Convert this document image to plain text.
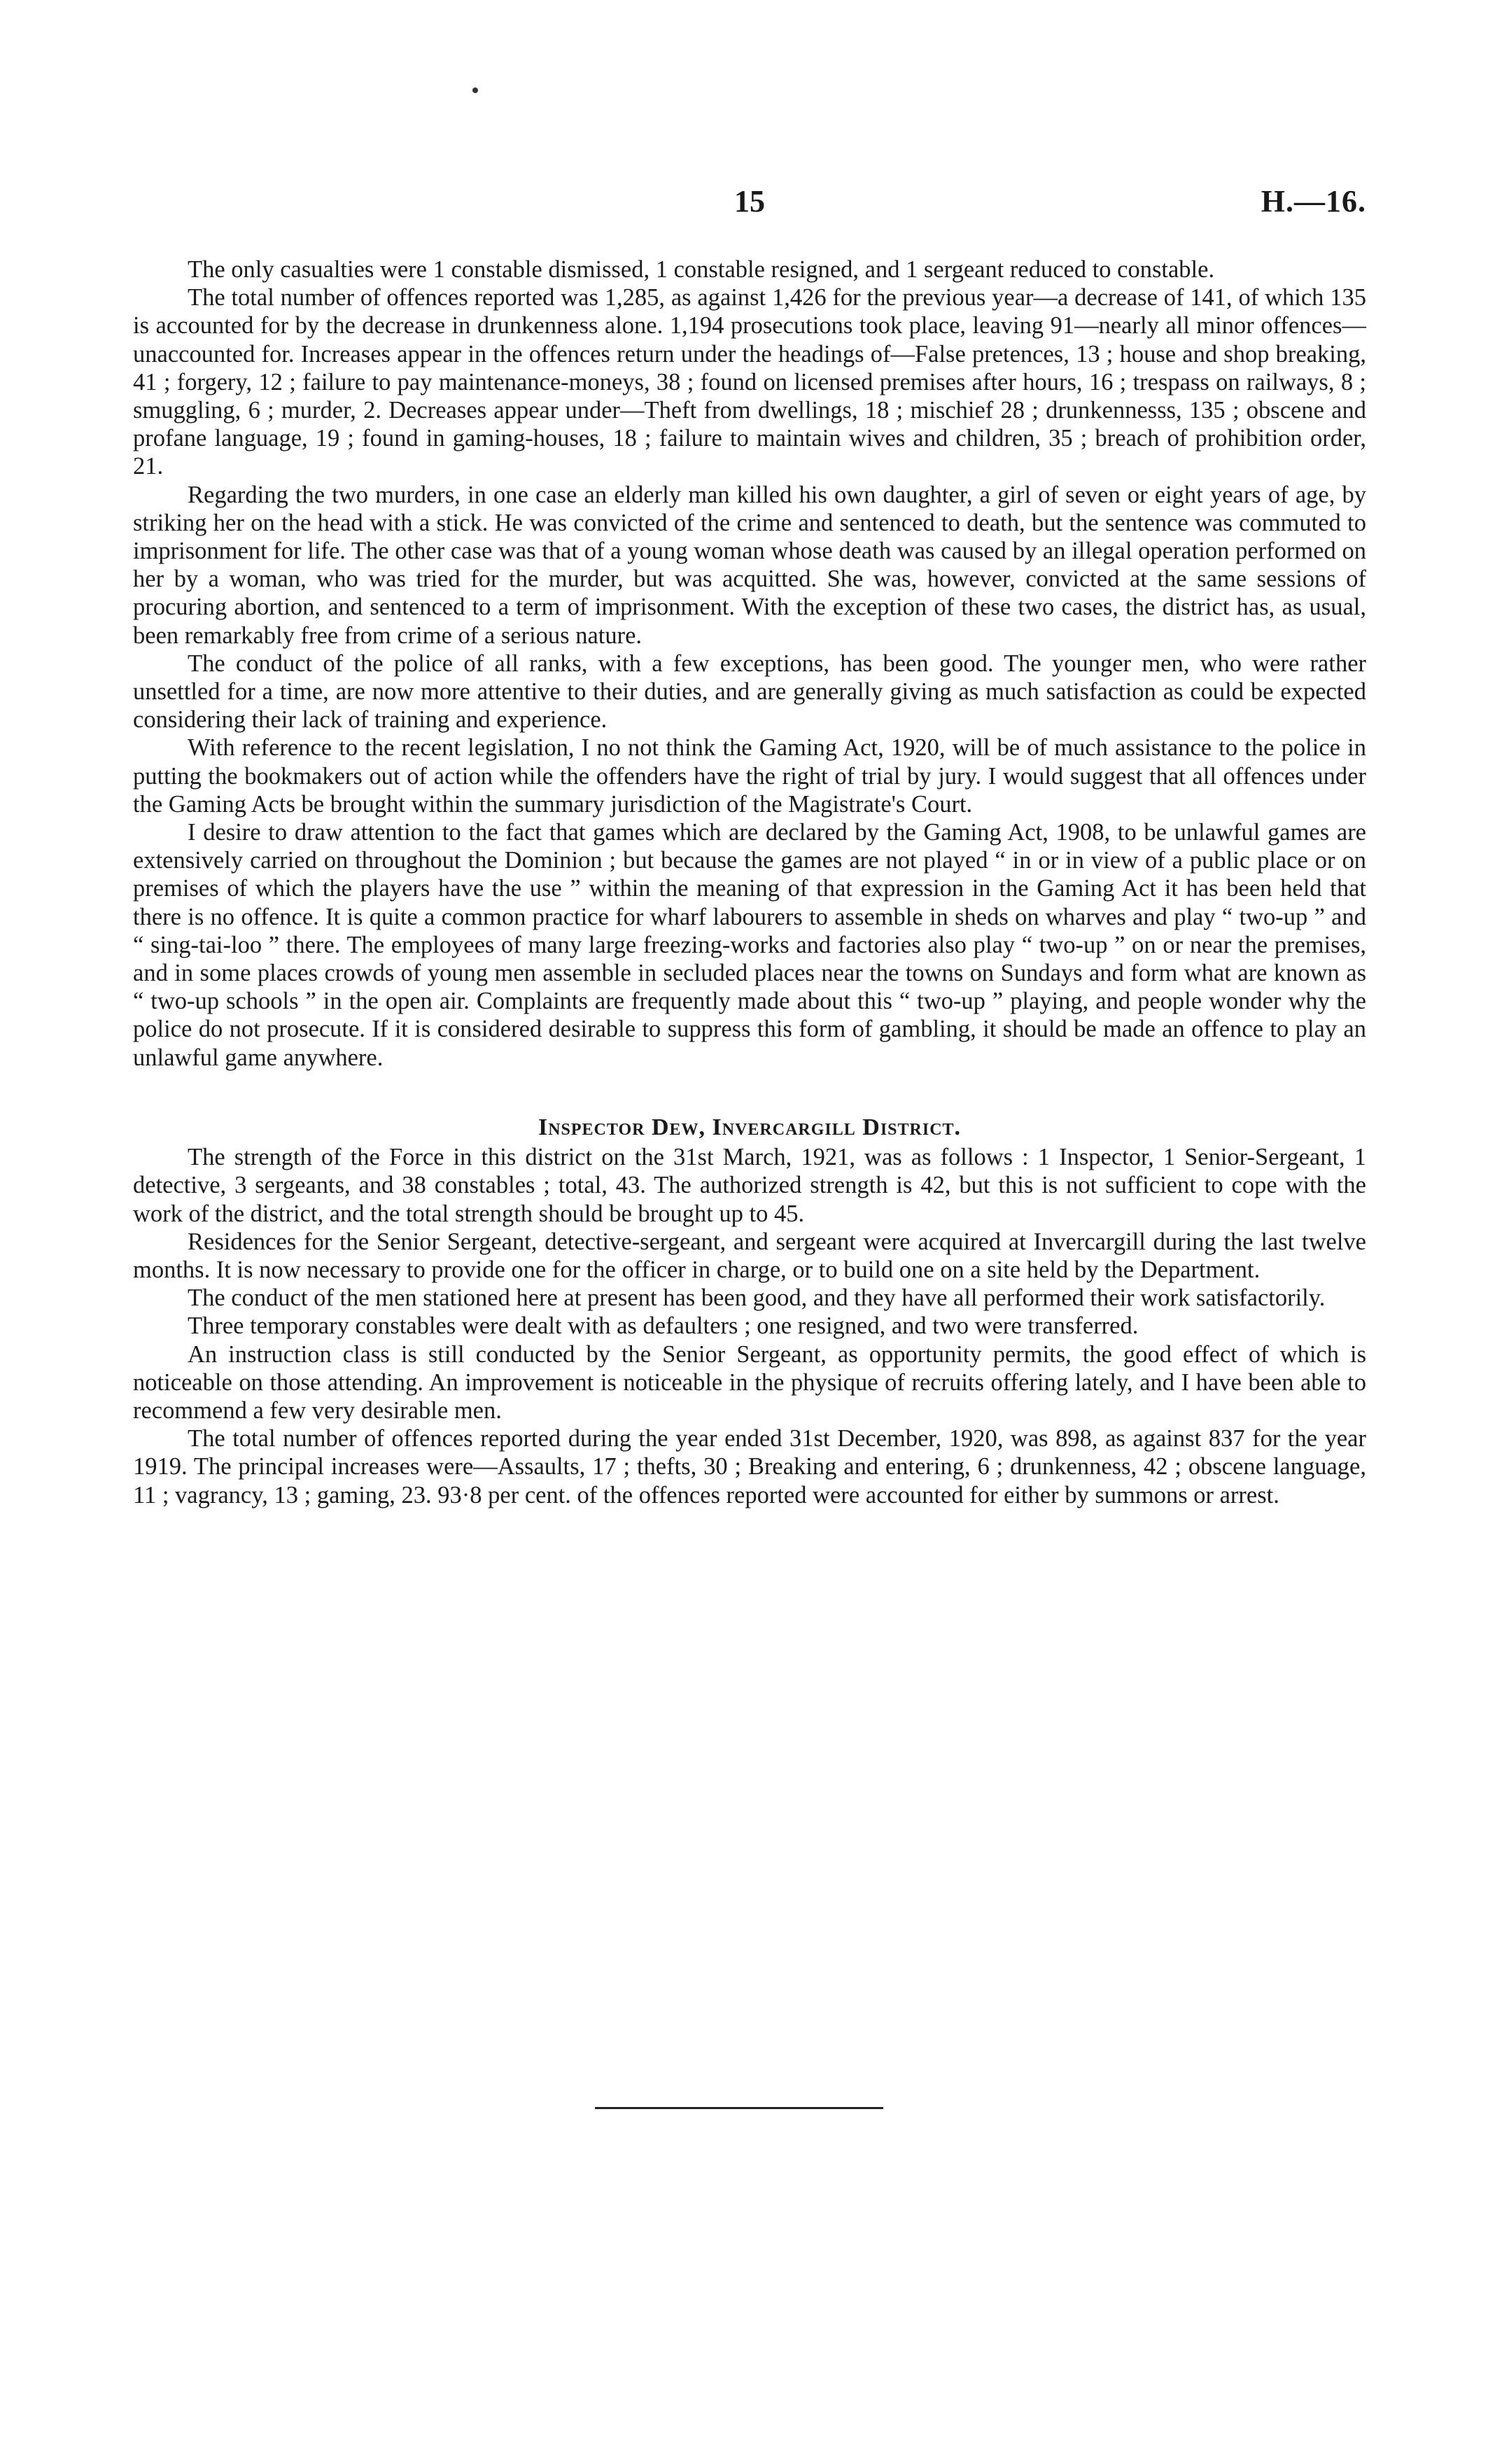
15	H.—16.

The only casualties were 1 constable dismissed, 1 constable resigned, and 1 sergeant reduced to constable.

The total number of offences reported was 1,285, as against 1,426 for the previous year—a decrease of 141, of which 135 is accounted for by the decrease in drunkenness alone. 1,194 prosecutions took place, leaving 91—nearly all minor offences—unaccounted for. Increases appear in the offences return under the headings of—False pretences, 13 ; house and shop breaking, 41 ; forgery, 12 ; failure to pay maintenance-moneys, 38 ; found on licensed premises after hours, 16 ; trespass on railways, 8 ; smuggling, 6 ; murder, 2. Decreases appear under—Theft from dwellings, 18 ; mischief 28 ; drunkennesss, 135 ; obscene and profane language, 19 ; found in gaming-houses, 18 ; failure to maintain wives and children, 35 ; breach of prohibition order, 21.

Regarding the two murders, in one case an elderly man killed his own daughter, a girl of seven or eight years of age, by striking her on the head with a stick. He was convicted of the crime and sentenced to death, but the sentence was commuted to imprisonment for life. The other case was that of a young woman whose death was caused by an illegal operation performed on her by a woman, who was tried for the murder, but was acquitted. She was, however, convicted at the same sessions of procuring abortion, and sentenced to a term of imprisonment. With the exception of these two cases, the district has, as usual, been remarkably free from crime of a serious nature.

The conduct of the police of all ranks, with a few exceptions, has been good. The younger men, who were rather unsettled for a time, are now more attentive to their duties, and are generally giving as much satisfaction as could be expected considering their lack of training and experience.

With reference to the recent legislation, I no not think the Gaming Act, 1920, will be of much assistance to the police in putting the bookmakers out of action while the offenders have the right of trial by jury. I would suggest that all offences under the Gaming Acts be brought within the summary jurisdiction of the Magistrate's Court.

I desire to draw attention to the fact that games which are declared by the Gaming Act, 1908, to be unlawful games are extensively carried on throughout the Dominion ; but because the games are not played “ in or in view of a public place or on premises of which the players have the use ” within the meaning of that expression in the Gaming Act it has been held that there is no offence. It is quite a common practice for wharf labourers to assemble in sheds on wharves and play “ two-up ” and “ sing-tai-loo ” there. The employees of many large freezing-works and factories also play “ two-up ” on or near the premises, and in some places crowds of young men assemble in secluded places near the towns on Sundays and form what are known as “ two-up schools ” in the open air. Complaints are frequently made about this “ two-up ” playing, and people wonder why the police do not prosecute. If it is considered desirable to suppress this form of gambling, it should be made an offence to play an unlawful game anywhere.

Inspector Dew, Invercargill District.

The strength of the Force in this district on the 31st March, 1921, was as follows : 1 Inspector, 1 Senior-Sergeant, 1 detective, 3 sergeants, and 38 constables ; total, 43. The authorized strength is 42, but this is not sufficient to cope with the work of the district, and the total strength should be brought up to 45.

Residences for the Senior Sergeant, detective-sergeant, and sergeant were acquired at Invercargill during the last twelve months. It is now necessary to provide one for the officer in charge, or to build one on a site held by the Department.

The conduct of the men stationed here at present has been good, and they have all performed their work satisfactorily.

Three temporary constables were dealt with as defaulters ; one resigned, and two were transferred.

An instruction class is still conducted by the Senior Sergeant, as opportunity permits, the good effect of which is noticeable on those attending. An improvement is noticeable in the physique of recruits offering lately, and I have been able to recommend a few very desirable men.

The total number of offences reported during the year ended 31st December, 1920, was 898, as against 837 for the year 1919. The principal increases were—Assaults, 17 ; thefts, 30 ; Breaking and entering, 6 ; drunkenness, 42 ; obscene language, 11 ; vagrancy, 13 ; gaming, 23. 93·8 per cent. of the offences reported were accounted for either by summons or arrest.
